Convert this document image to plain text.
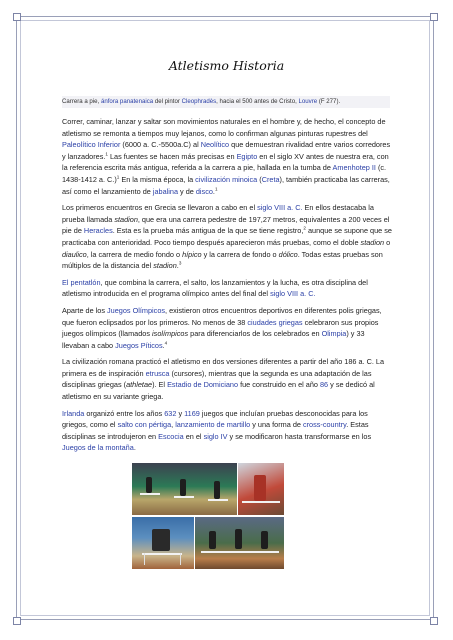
Atletismo Historia
Carrera a pie, ánfora panatenaica del pintor Cleophradès, hacia el 500 antes de Cristo, Louvre (F 277).

Correr, caminar, lanzar y saltar son movimientos naturales en el hombre y, de hecho, el concepto de atletismo se remonta a tiempos muy lejanos, como lo confirman algunas pinturas rupestres del Paleolítico Inferior (6000 a. C.-5500a.C) al Neolítico que demuestran rivalidad entre varios corredores y lanzadores.$^1$ Las fuentes se hacen más precisas en Egipto en el siglo XV antes de nuestra era, con la referencia escrita más antigua, referida a la carrera a pie, hallada en la tumba de Amenhotep II (c. 1438-1412 a. C.)$^1$ En la misma época, la civilización minoica (Creta), también practicaba las carreras, así como el lanzamiento de jabalina y de disco.$^1$

Los primeros encuentros en Grecia se llevaron a cabo en el siglo VIII a. C. En ellos destacaba la prueba llamada stadion, que era una carrera pedestre de 197,27 metros, equivalentes a 200 veces el pie de Heracles. Esta es la prueba más antigua de la que se tiene registro,$^2$ aunque se supone que se practicaba con anterioridad. Poco tiempo después aparecieron más pruebas, como el doble stadion o diaulico, la carrera de medio fondo o hípico y la carrera de fondo o dólico. Todas estas pruebas son múltiplos de la distancia del stadion.$^3$

El pentatlón, que combina la carrera, el salto, los lanzamientos y la lucha, es otra disciplina del atletismo introducida en el programa olímpico antes del final del siglo VIII a. C.

Aparte de los Juegos Olímpicos, existieron otros encuentros deportivos en diferentes polis griegas, que fueron eclipsados por los primeros. No menos de 38 ciudades griegas celebraron sus propios juegos olímpicos (llamados isolímpicos para diferenciarlos de los celebrados en Olimpia) y 33 llevaban a cabo Juegos Píticos.$^4$

La civilización romana practicó el atletismo en dos versiones diferentes a partir del año 186 a. C. La primera es de inspiración etrusca (cursores), mientras que la segunda es una adaptación de las disciplinas griegas (athletae). El Estadio de Domiciano fue construido en el año 86 y se dedicó al atletismo en su variante griega.

Irlanda organizó entre los años 632 y 1169 juegos que incluían pruebas desconocidas para los griegos, como el salto con pértiga, lanzamiento de martillo y una forma de cross-country. Estas disciplinas se introdujeron en Escocia en el siglo IV y se modificaron hasta transformarse en los Juegos de la montaña.
